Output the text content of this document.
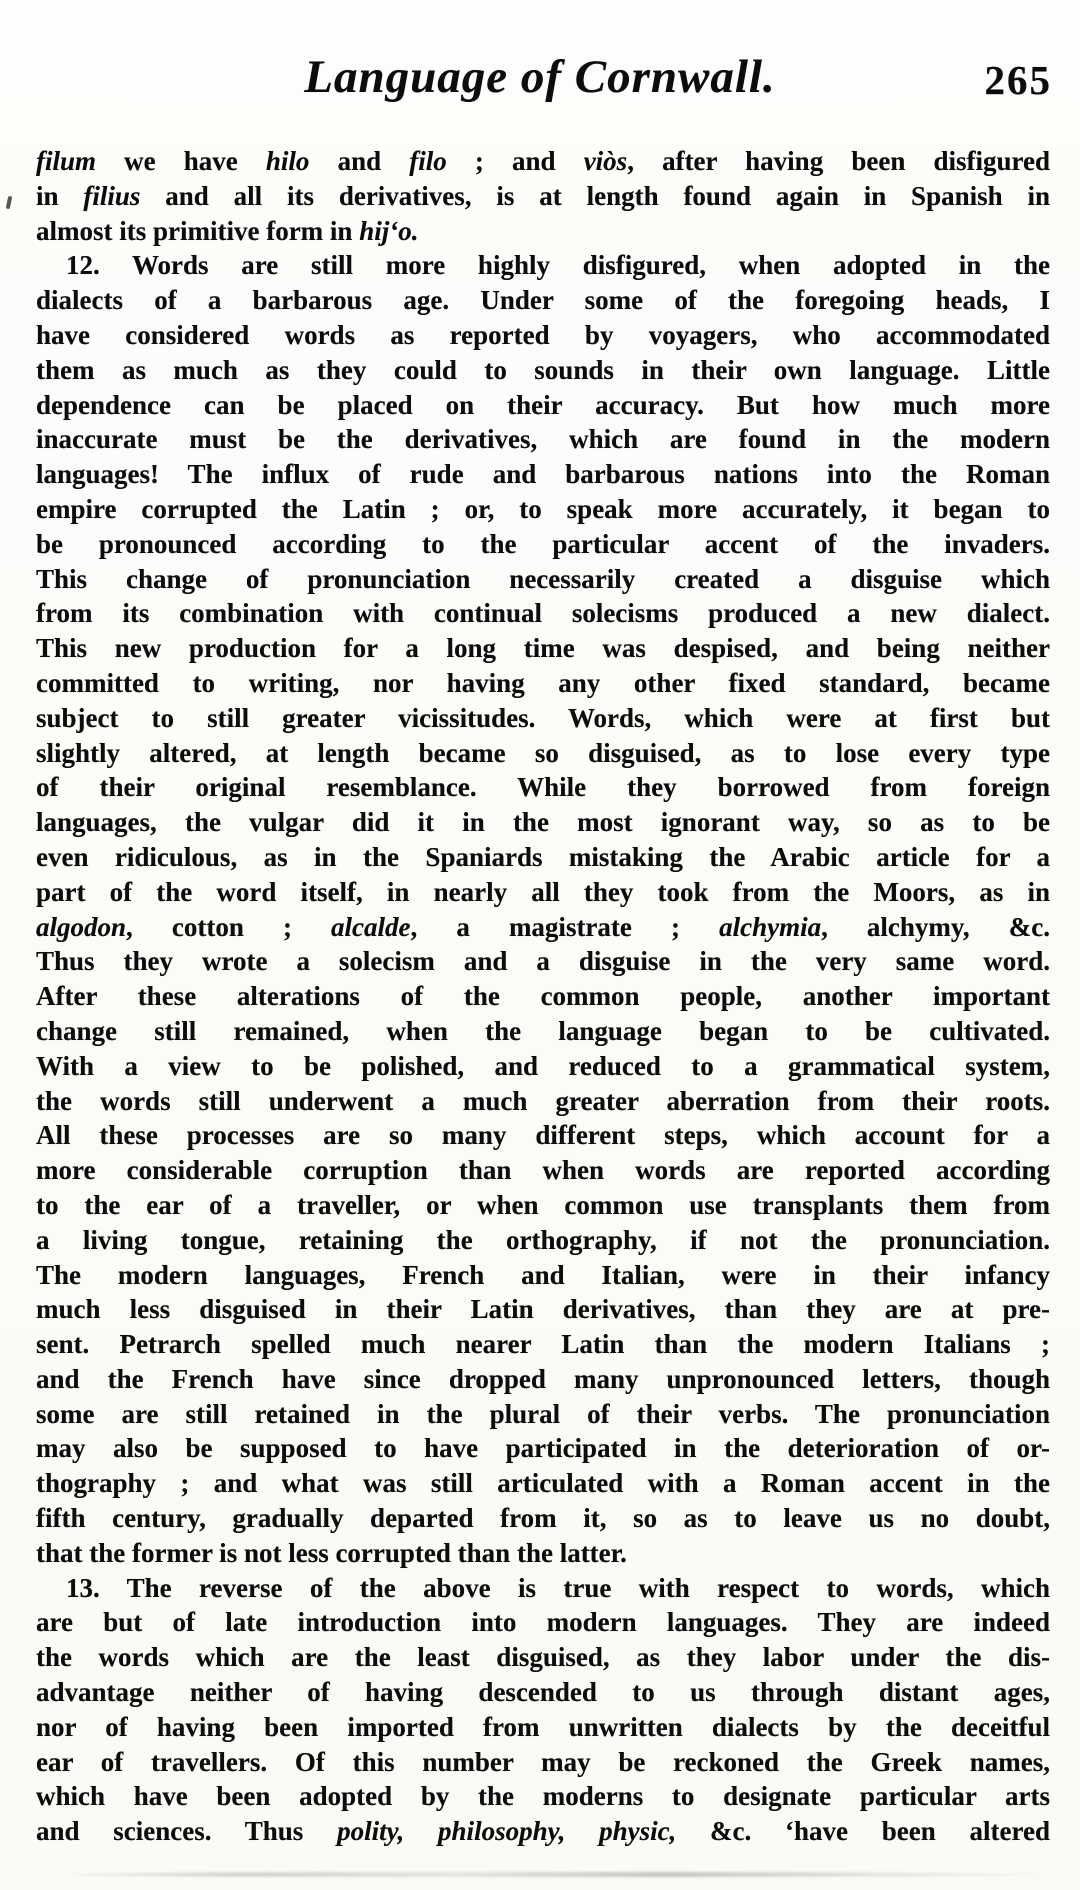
Language of Cornwall.	265
filum we have hilo and filo ; and viòs, after having been disfigured
in filius and all its derivatives, is at length found again in Spanish in
almost its primitive form in hij‘o.
12. Words are still more highly disfigured, when adopted in the
dialects of a barbarous age. Under some of the foregoing heads, I
have considered words as reported by voyagers, who accommodated
them as much as they could to sounds in their own language. Little
dependence can be placed on their accuracy. But how much more
inaccurate must be the derivatives, which are found in the modern
languages! The influx of rude and barbarous nations into the Roman
empire corrupted the Latin ; or, to speak more accurately, it began to
be pronounced according to the particular accent of the invaders.
This change of pronunciation necessarily created a disguise which
from its combination with continual solecisms produced a new dialect.
This new production for a long time was despised, and being neither
committed to writing, nor having any other fixed standard, became
subject to still greater vicissitudes. Words, which were at first but
slightly altered, at length became so disguised, as to lose every type
of their original resemblance. While they borrowed from foreign
languages, the vulgar did it in the most ignorant way, so as to be
even ridiculous, as in the Spaniards mistaking the Arabic article for a
part of the word itself, in nearly all they took from the Moors, as in
algodon, cotton ; alcalde, a magistrate ; alchymia, alchymy, &c.
Thus they wrote a solecism and a disguise in the very same word.
After these alterations of the common people, another important
change still remained, when the language began to be cultivated.
With a view to be polished, and reduced to a grammatical system,
the words still underwent a much greater aberration from their roots.
All these processes are so many different steps, which account for a
more considerable corruption than when words are reported according
to the ear of a traveller, or when common use transplants them from
a living tongue, retaining the orthography, if not the pronunciation.
The modern languages, French and Italian, were in their infancy
much less disguised in their Latin derivatives, than they are at pre-
sent. Petrarch spelled much nearer Latin than the modern Italians ;
and the French have since dropped many unpronounced letters, though
some are still retained in the plural of their verbs. The pronunciation
may also be supposed to have participated in the deterioration of or-
thography ; and what was still articulated with a Roman accent in the
fifth century, gradually departed from it, so as to leave us no doubt,
that the former is not less corrupted than the latter.
13. The reverse of the above is true with respect to words, which
are but of late introduction into modern languages. They are indeed
the words which are the least disguised, as they labor under the dis-
advantage neither of having descended to us through distant ages,
nor of having been imported from unwritten dialects by the deceitful
ear of travellers. Of this number may be reckoned the Greek names,
which have been adopted by the moderns to designate particular arts
and sciences. Thus polity, philosophy, physic, &c. ‘have been altered
